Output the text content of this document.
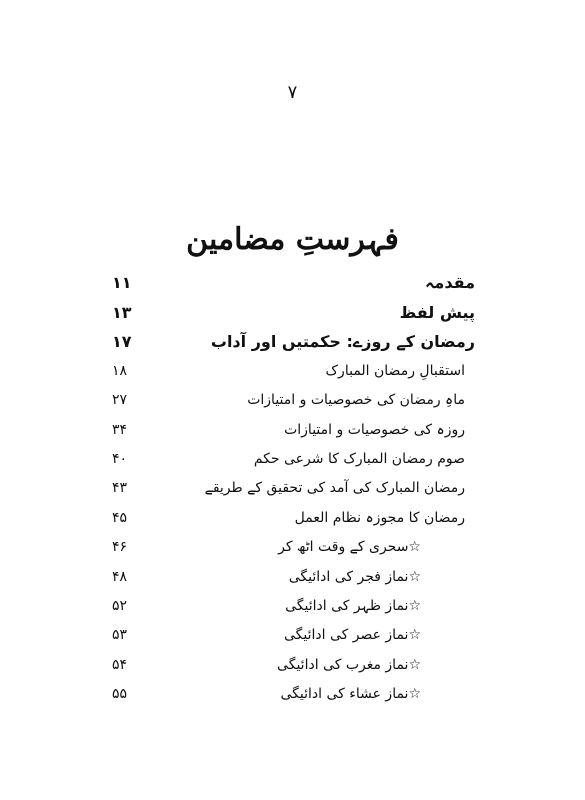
۷
فہرستِ مضامین
مقدمہ
۱۱
پیش لفظ
۱۳
رمضان کے روزے: حکمتیں اور آداب
۱۷
استقبالِ رمضان المبارک
۱۸
ماہِ رمضان کی خصوصیات و امتیازات
۲۷
روزہ کی خصوصیات و امتیازات
۳۴
صوم رمضان المبارک کا شرعی حکم
۴۰
رمضان المبارک کی آمد کی تحقیق کے طریقے
۴۳
رمضان کا مجوزہ نظام العمل
۴۵
☆سحری کے وقت اٹھ کر
۴۶
☆نماز فجر کی ادائیگی
۴۸
☆نماز ظہر کی ادائیگی
۵۲
☆نماز عصر کی ادائیگی
۵۳
☆نماز مغرب کی ادائیگی
۵۴
☆نماز عشاء کی ادائیگی
۵۵
